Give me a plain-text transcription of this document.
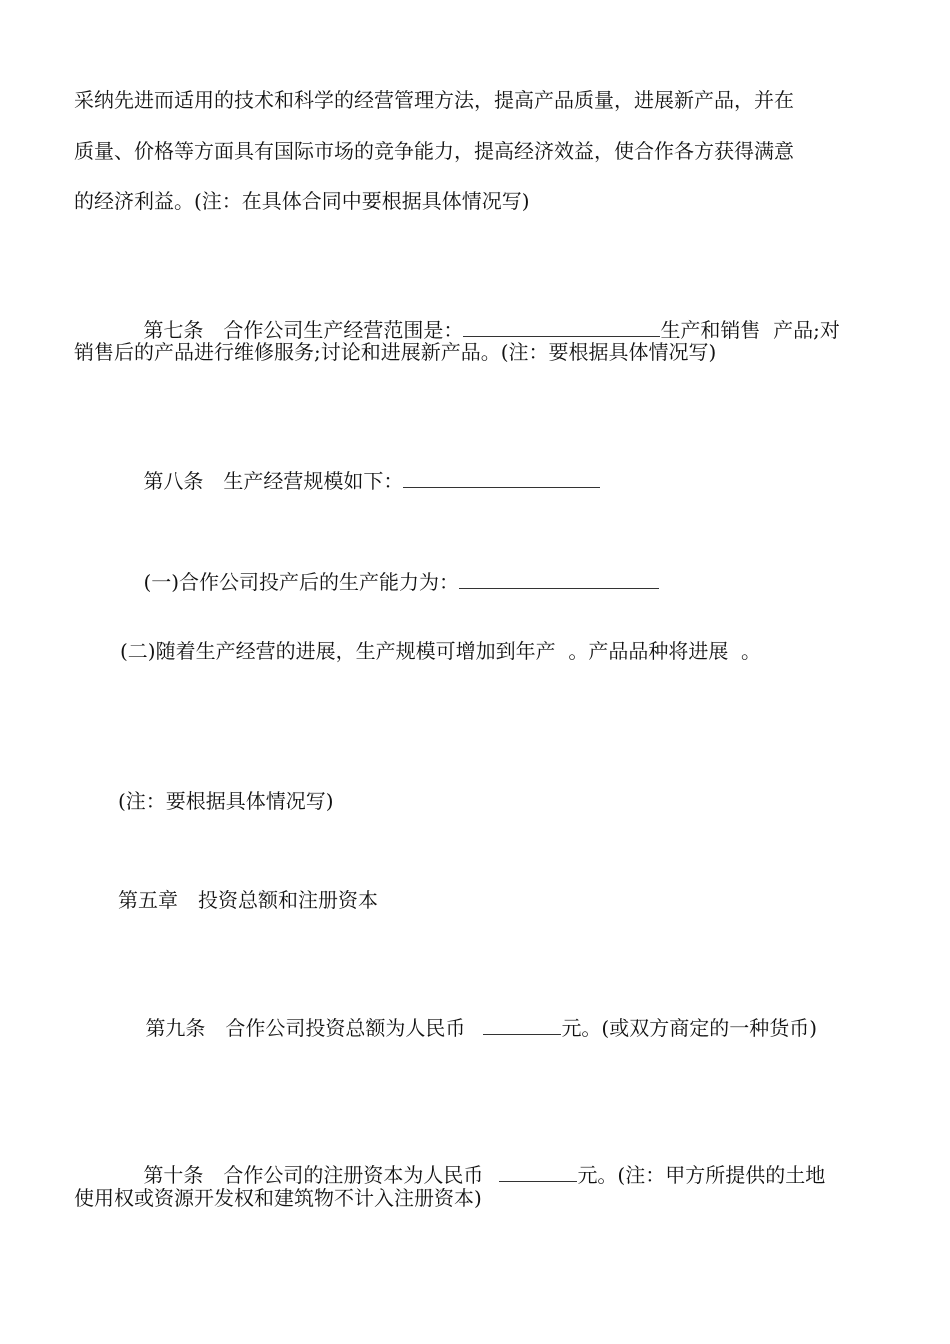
采纳先进而适用的技术和科学的经营管理方法，提高产品质量，进展新产品，并在
质量、价格等方面具有国际市场的竞争能力，提高经济效益，使合作各方获得满意
的经济利益。(注：在具体合同中要根据具体情况写)

第七条　合作公司生产经营范围是：	生产和销售  产品;对

销售后的产品进行维修服务;讨论和进展新产品。(注：要根据具体情况写)

第八条　生产经营规模如下：

(一)合作公司投产后的生产能力为：

(二)随着生产经营的进展，生产规模可增加到年产  。产品品种将进展  。
(注：要根据具体情况写)
第五章　投资总额和注册资本

第九条　合作公司投资总额为人民币	元。(或双方商定的一种货币)

第十条　合作公司的注册资本为人民币	元。(注：甲方所提供的土地

使用权或资源开发权和建筑物不计入注册资本)
